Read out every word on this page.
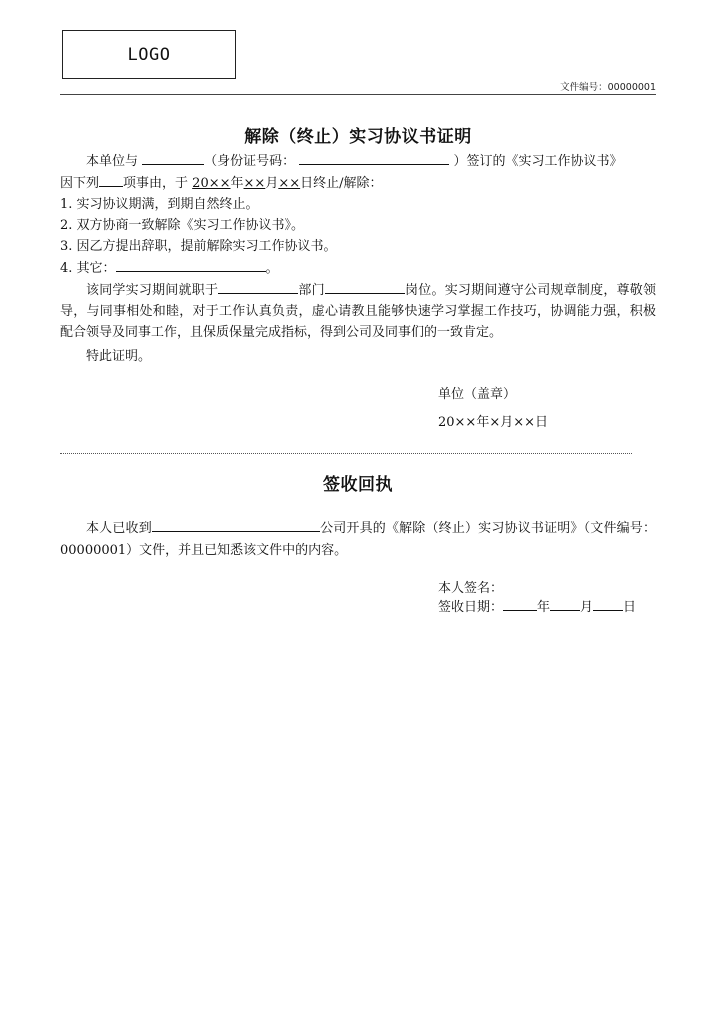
LOGO
文件编号：00000001
解除（终止）实习协议书证明
本单位与	（身份证号码：	）签订的《实习工作协议书》
因下列 项事由，于 20××年××月××日终止/解除：
1. 实习协议期满，到期自然终止。
2. 双方协商一致解除《实习工作协议书》。
3. 因乙方提出辞职，提前解除实习工作协议书。
4. 其它：	。
该同学实习期间就职于	部门	岗位。实习期间遵守公司规章制度，尊敬领导，与同事相处和睦，对于工作认真负责，虚心请教且能够快速学习掌握工作技巧，协调能力强，积极配合领导及同事工作，且保质保量完成指标，得到公司及同事们的一致肯定。
特此证明。
单位（盖章）
20××年×月××日
签收回执
本人已收到	公司开具的《解除（终止）实习协议书证明》（文件编号：00000001）文件，并且已知悉该文件中的内容。
本人签名：
签收日期：	年 月 日
